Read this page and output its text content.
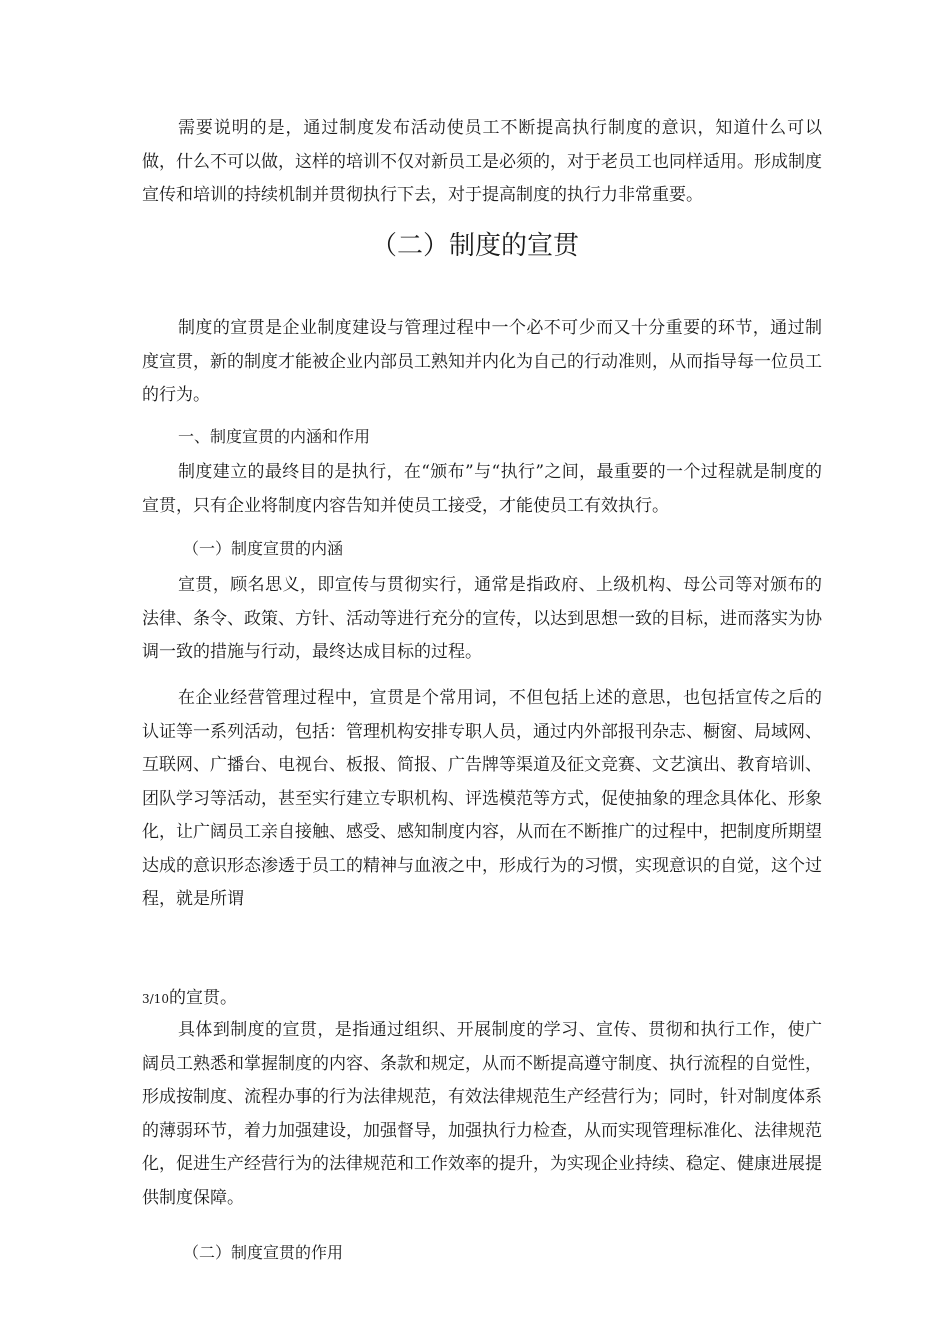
需要说明的是，通过制度发布活动使员工不断提高执行制度的意识，知道什么可以做，什么不可以做，这样的培训不仅对新员工是必须的，对于老员工也同样适用。形成制度宣传和培训的持续机制并贯彻执行下去，对于提高制度的执行力非常重要。

（二）制度的宣贯

制度的宣贯是企业制度建设与管理过程中一个必不可少而又十分重要的环节，通过制度宣贯，新的制度才能被企业内部员工熟知并内化为自己的行动准则，从而指导每一位员工的行为。

一、制度宣贯的内涵和作用

制度建立的最终目的是执行，在“颁布”与“执行”之间，最重要的一个过程就是制度的宣贯，只有企业将制度内容告知并使员工接受，才能使员工有效执行。

（一）制度宣贯的内涵

宣贯，顾名思义，即宣传与贯彻实行，通常是指政府、上级机构、母公司等对颁布的法律、条令、政策、方针、活动等进行充分的宣传，以达到思想一致的目标，进而落实为协调一致的措施与行动，最终达成目标的过程。

在企业经营管理过程中，宣贯是个常用词，不但包括上述的意思，也包括宣传之后的认证等一系列活动，包括：管理机构安排专职人员，通过内外部报刊杂志、橱窗、局域网、互联网、广播台、电视台、板报、简报、广告牌等渠道及征文竞赛、文艺演出、教育培训、团队学习等活动，甚至实行建立专职机构、评选模范等方式，促使抽象的理念具体化、形象化，让广阔员工亲自接触、感受、感知制度内容，从而在不断推广的过程中，把制度所期望达成的意识形态渗透于员工的精神与血液之中，形成行为的习惯，实现意识的自觉，这个过程，就是所谓

3/10的宣贯。

具体到制度的宣贯，是指通过组织、开展制度的学习、宣传、贯彻和执行工作，使广阔员工熟悉和掌握制度的内容、条款和规定，从而不断提高遵守制度、执行流程的自觉性，形成按制度、流程办事的行为法律规范，有效法律规范生产经营行为；同时，针对制度体系的薄弱环节，着力加强建设，加强督导，加强执行力检查，从而实现管理标准化、法律规范化，促进生产经营行为的法律规范和工作效率的提升，为实现企业持续、稳定、健康进展提供制度保障。

（二）制度宣贯的作用
